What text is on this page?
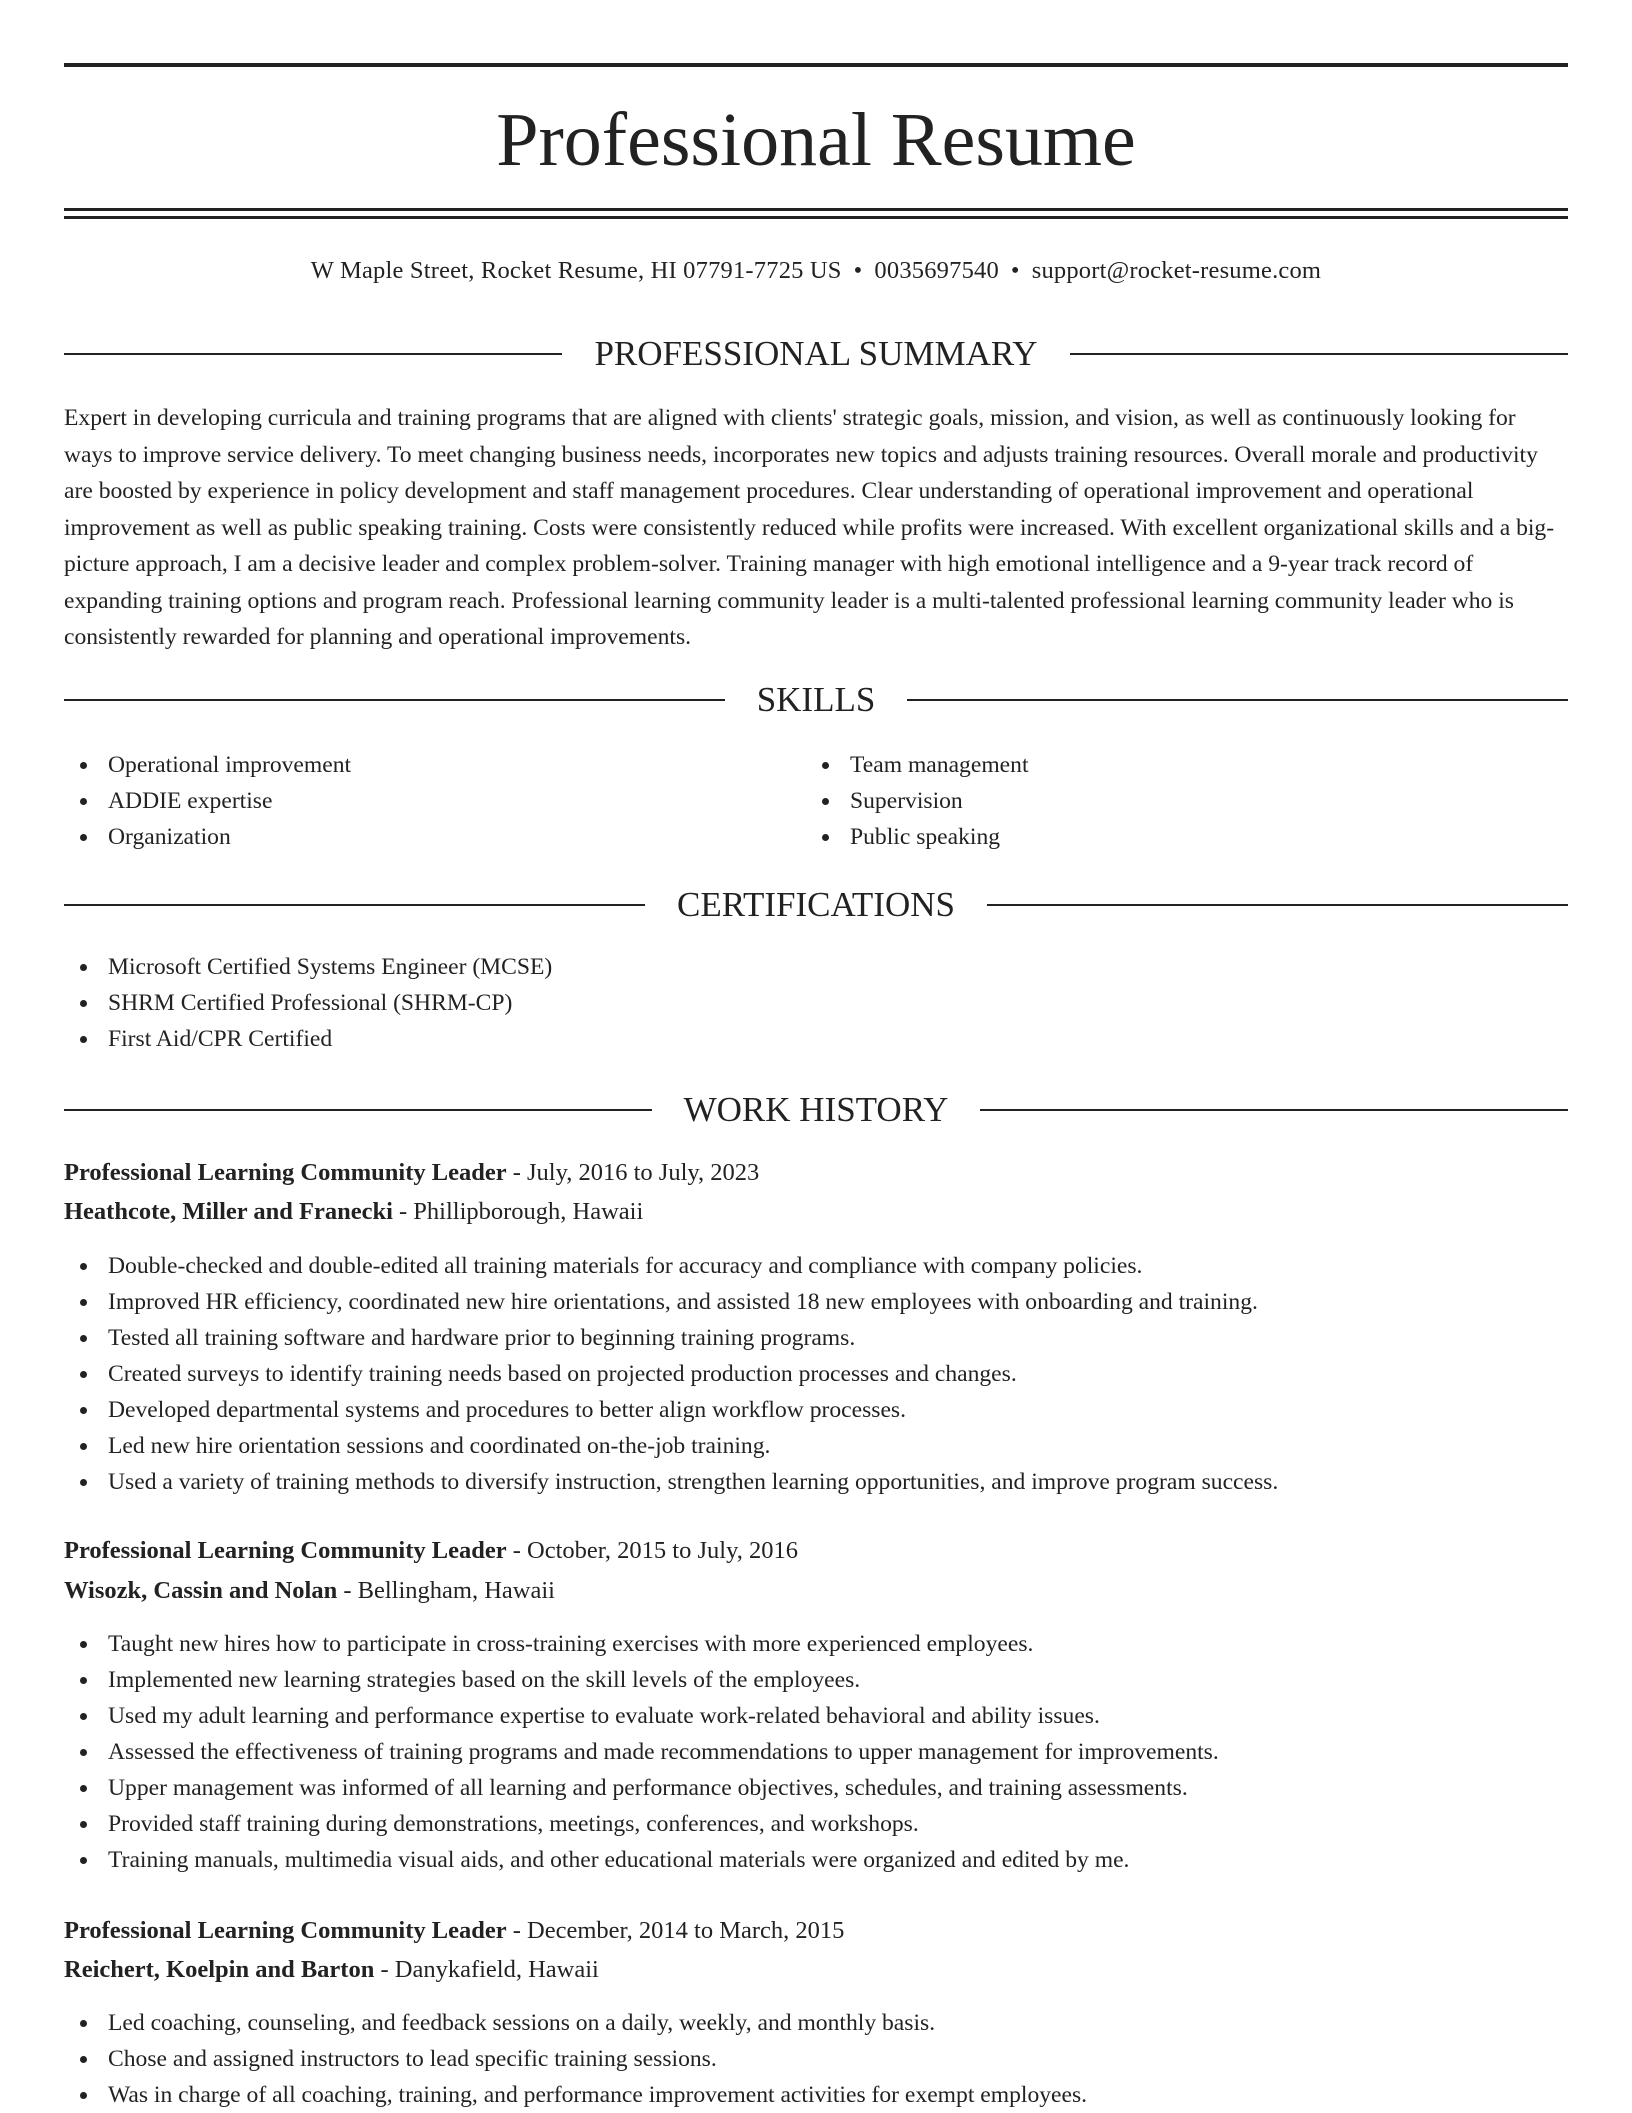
Professional Resume
W Maple Street, Rocket Resume, HI 07791-7725 US • 0035697540 • support@rocket-resume.com
PROFESSIONAL SUMMARY

Expert in developing curricula and training programs that are aligned with clients' strategic goals, mission, and vision, as well as continuously looking for ways to improve service delivery. To meet changing business needs, incorporates new topics and adjusts training resources. Overall morale and productivity are boosted by experience in policy development and staff management procedures. Clear understanding of operational improvement and operational improvement as well as public speaking training. Costs were consistently reduced while profits were increased. With excellent organizational skills and a big-picture approach, I am a decisive leader and complex problem-solver. Training manager with high emotional intelligence and a 9-year track record of expanding training options and program reach. Professional learning community leader is a multi-talented professional learning community leader who is consistently rewarded for planning and operational improvements.

SKILLS
Operational improvement
ADDIE expertise
Organization
Team management
Supervision
Public speaking
CERTIFICATIONS
Microsoft Certified Systems Engineer (MCSE)
SHRM Certified Professional (SHRM-CP)
First Aid/CPR Certified
WORK HISTORY
Professional Learning Community Leader - July, 2016 to July, 2023
Heathcote, Miller and Franecki - Phillipborough, Hawaii
Double-checked and double-edited all training materials for accuracy and compliance with company policies.
Improved HR efficiency, coordinated new hire orientations, and assisted 18 new employees with onboarding and training.
Tested all training software and hardware prior to beginning training programs.
Created surveys to identify training needs based on projected production processes and changes.
Developed departmental systems and procedures to better align workflow processes.
Led new hire orientation sessions and coordinated on-the-job training.
Used a variety of training methods to diversify instruction, strengthen learning opportunities, and improve program success.
Professional Learning Community Leader - October, 2015 to July, 2016
Wisozk, Cassin and Nolan - Bellingham, Hawaii
Taught new hires how to participate in cross-training exercises with more experienced employees.
Implemented new learning strategies based on the skill levels of the employees.
Used my adult learning and performance expertise to evaluate work-related behavioral and ability issues.
Assessed the effectiveness of training programs and made recommendations to upper management for improvements.
Upper management was informed of all learning and performance objectives, schedules, and training assessments.
Provided staff training during demonstrations, meetings, conferences, and workshops.
Training manuals, multimedia visual aids, and other educational materials were organized and edited by me.
Professional Learning Community Leader - December, 2014 to March, 2015
Reichert, Koelpin and Barton - Danykafield, Hawaii
Led coaching, counseling, and feedback sessions on a daily, weekly, and monthly basis.
Chose and assigned instructors to lead specific training sessions.
Was in charge of all coaching, training, and performance improvement activities for exempt employees.
